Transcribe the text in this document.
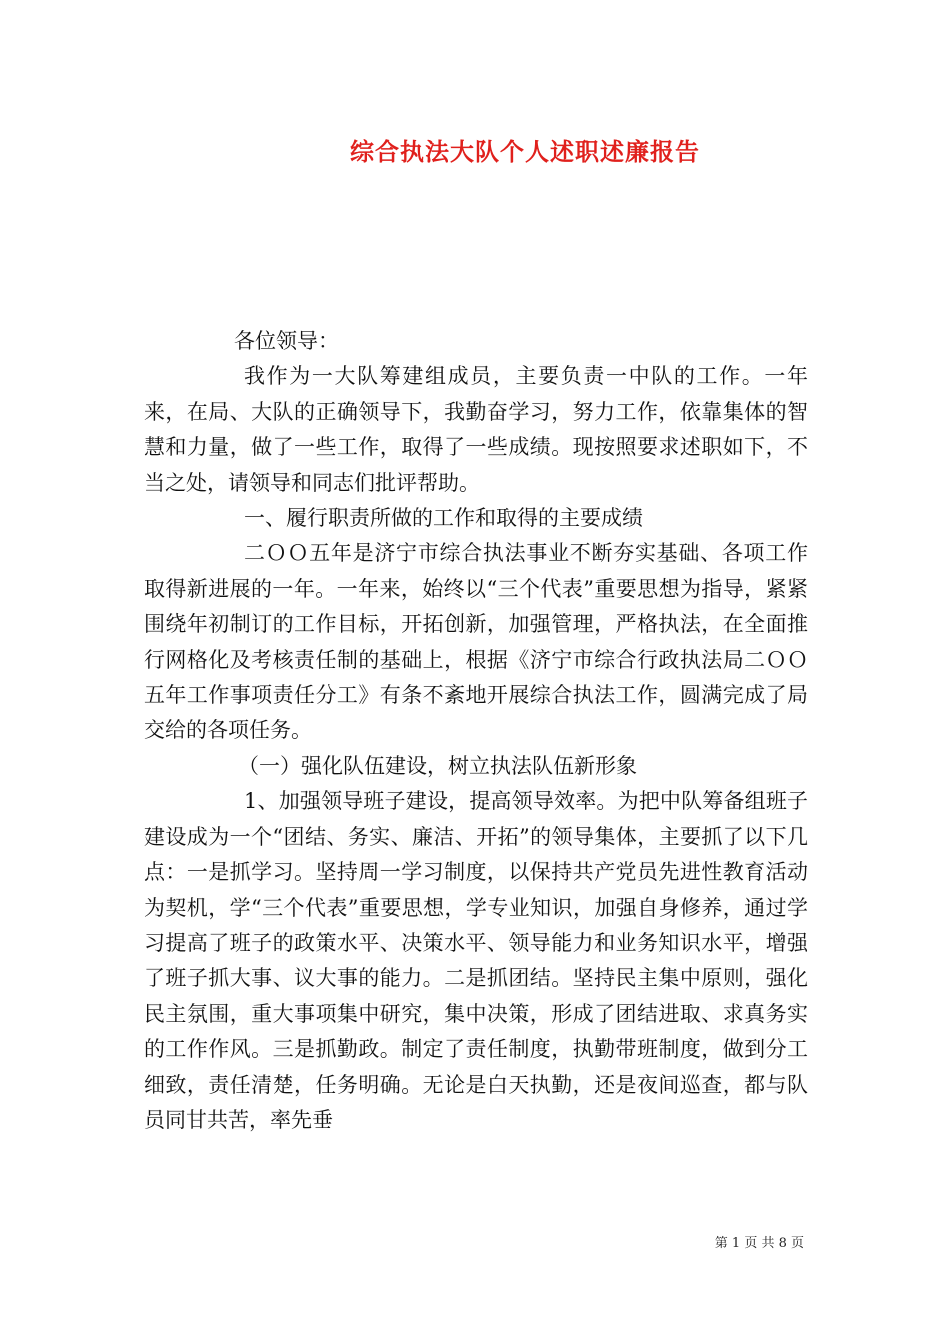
综合执法大队个人述职述廉报告

各位领导：

我作为一大队筹建组成员，主要负责一中队的工作。一年来，在局、大队的正确领导下，我勤奋学习，努力工作，依靠集体的智慧和力量，做了一些工作，取得了一些成绩。现按照要求述职如下，不当之处，请领导和同志们批评帮助。

一、履行职责所做的工作和取得的主要成绩

二ＯＯ五年是济宁市综合执法事业不断夯实基础、各项工作取得新进展的一年。一年来，始终以“三个代表”重要思想为指导，紧紧围绕年初制订的工作目标，开拓创新，加强管理，严格执法，在全面推行网格化及考核责任制的基础上，根据《济宁市综合行政执法局二ＯＯ五年工作事项责任分工》有条不紊地开展综合执法工作，圆满完成了局交给的各项任务。

（一）强化队伍建设，树立执法队伍新形象

1、加强领导班子建设，提高领导效率。为把中队筹备组班子建设成为一个“团结、务实、廉洁、开拓”的领导集体，主要抓了以下几点：一是抓学习。坚持周一学习制度，以保持共产党员先进性教育活动为契机，学“三个代表”重要思想，学专业知识，加强自身修养，通过学习提高了班子的政策水平、决策水平、领导能力和业务知识水平，增强了班子抓大事、议大事的能力。二是抓团结。坚持民主集中原则，强化民主氛围，重大事项集中研究，集中决策，形成了团结进取、求真务实的工作作风。三是抓勤政。制定了责任制度，执勤带班制度，做到分工细致，责任清楚，任务明确。无论是白天执勤，还是夜间巡查，都与队员同甘共苦，率先垂

第 1 页 共 8 页
